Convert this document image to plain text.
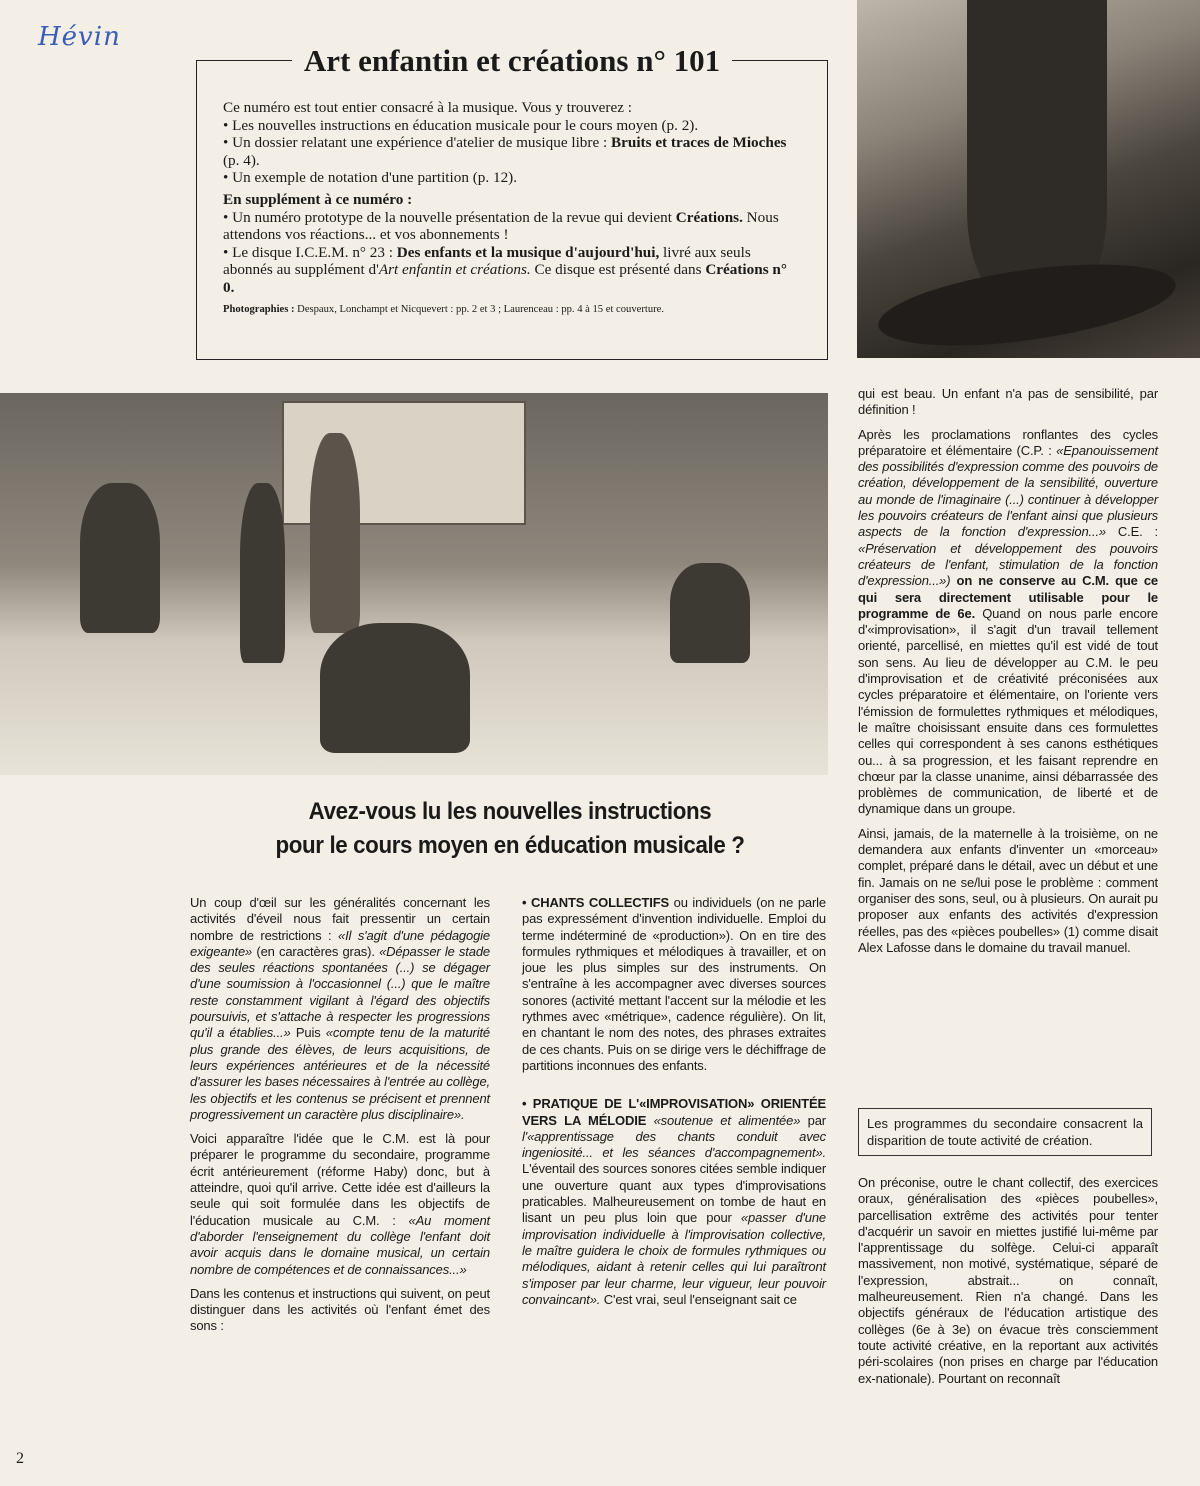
Hévin
Art enfantin et créations n° 101

Ce numéro est tout entier consacré à la musique. Vous y trouverez :

• Les nouvelles instructions en éducation musicale pour le cours moyen (p. 2).

• Un dossier relatant une expérience d'atelier de musique libre : Bruits et traces de Mioches (p. 4).

• Un exemple de notation d'une partition (p. 12).

En supplément à ce numéro :

• Un numéro prototype de la nouvelle présentation de la revue qui devient Créations. Nous attendons vos réactions... et vos abonnements !

• Le disque I.C.E.M. n° 23 : Des enfants et la musique d'aujourd'hui, livré aux seuls abonnés au supplément d'Art enfantin et créations. Ce disque est présenté dans Créations n° 0.

Photographies : Despaux, Lonchampt et Nicquevert : pp. 2 et 3 ; Laurenceau : pp. 4 à 15 et couverture.

Avez-vous lu les nouvelles instructions
pour le cours moyen en éducation musicale ?

Un coup d'œil sur les généralités concernant les activités d'éveil nous fait pressentir un certain nombre de restrictions : «Il s'agit d'une pédagogie exigeante» (en caractères gras). «Dépasser le stade des seules réactions spontanées (...) se dégager d'une soumission à l'occasionnel (...) que le maître reste constamment vigilant à l'égard des objectifs poursuivis, et s'attache à respecter les progressions qu'il a établies...» Puis «compte tenu de la maturité plus grande des élèves, de leurs acquisitions, de leurs expériences antérieures et de la nécessité d'assurer les bases nécessaires à l'entrée au collège, les objectifs et les contenus se précisent et prennent progressivement un caractère plus disciplinaire».

Voici apparaître l'idée que le C.M. est là pour préparer le programme du secondaire, programme écrit antérieurement (réforme Haby) donc, but à atteindre, quoi qu'il arrive. Cette idée est d'ailleurs la seule qui soit formulée dans les objectifs de l'éducation musicale au C.M. : «Au moment d'aborder l'enseignement du collège l'enfant doit avoir acquis dans le domaine musical, un certain nombre de compétences et de connaissances...»

Dans les contenus et instructions qui suivent, on peut distinguer dans les activités où l'enfant émet des sons :

• CHANTS COLLECTIFS ou individuels (on ne parle pas expressément d'invention individuelle. Emploi du terme indéterminé de «production»). On en tire des formules rythmiques et mélodiques à travailler, et on joue les plus simples sur des instruments. On s'entraîne à les accompagner avec diverses sources sonores (activité mettant l'accent sur la mélodie et les rythmes avec «métrique», cadence régulière). On lit, en chantant le nom des notes, des phrases extraites de ces chants. Puis on se dirige vers le déchiffrage de partitions inconnues des enfants.

• PRATIQUE DE L'«IMPROVISATION» ORIENTÉE VERS LA MÉLODIE «soutenue et alimentée» par l'«apprentissage des chants conduit avec ingeniosité... et les séances d'accompagnement». L'éventail des sources sonores citées semble indiquer une ouverture quant aux types d'improvisations praticables. Malheureusement on tombe de haut en lisant un peu plus loin que pour «passer d'une improvisation individuelle à l'improvisation collective, le maître guidera le choix de formules rythmiques ou mélodiques, aidant à retenir celles qui lui paraîtront s'imposer par leur charme, leur vigueur, leur pouvoir convaincant». C'est vrai, seul l'enseignant sait ce

qui est beau. Un enfant n'a pas de sensibilité, par définition !

Après les proclamations ronflantes des cycles préparatoire et élémentaire (C.P. : «Epanouissement des possibilités d'expression comme des pouvoirs de création, développement de la sensibilité, ouverture au monde de l'imaginaire (...) continuer à développer les pouvoirs créateurs de l'enfant ainsi que plusieurs aspects de la fonction d'expression...» C.E. : «Préservation et développement des pouvoirs créateurs de l'enfant, stimulation de la fonction d'expression...») on ne conserve au C.M. que ce qui sera directement utilisable pour le programme de 6e. Quand on nous parle encore d'«improvisation», il s'agit d'un travail tellement orienté, parcellisé, en miettes qu'il est vidé de tout son sens. Au lieu de développer au C.M. le peu d'improvisation et de créativité préconisées aux cycles préparatoire et élémentaire, on l'oriente vers l'émission de formulettes rythmiques et mélodiques, le maître choisissant ensuite dans ces formulettes celles qui correspondent à ses canons esthétiques ou... à sa progression, et les faisant reprendre en chœur par la classe unanime, ainsi débarrassée des problèmes de communication, de liberté et de dynamique dans un groupe.

Ainsi, jamais, de la maternelle à la troisième, on ne demandera aux enfants d'inventer un «morceau» complet, préparé dans le détail, avec un début et une fin. Jamais on ne se/lui pose le problème : comment organiser des sons, seul, ou à plusieurs. On aurait pu proposer aux enfants des activités d'expression réelles, pas des «pièces poubelles» (1) comme disait Alex Lafosse dans le domaine du travail manuel.

Les programmes du secondaire consacrent la disparition de toute activité de création.

On préconise, outre le chant collectif, des exercices oraux, généralisation des «pièces poubelles», parcellisation extrême des activités pour tenter d'acquérir un savoir en miettes justifié lui-même par l'apprentissage du solfège. Celui-ci apparaît massivement, non motivé, systématique, séparé de l'expression, abstrait... on connaît, malheureusement. Rien n'a changé. Dans les objectifs généraux de l'éducation artistique des collèges (6e à 3e) on évacue très consciemment toute activité créative, en la reportant aux activités péri-scolaires (non prises en charge par l'éducation ex-nationale). Pourtant on reconnaît

2
